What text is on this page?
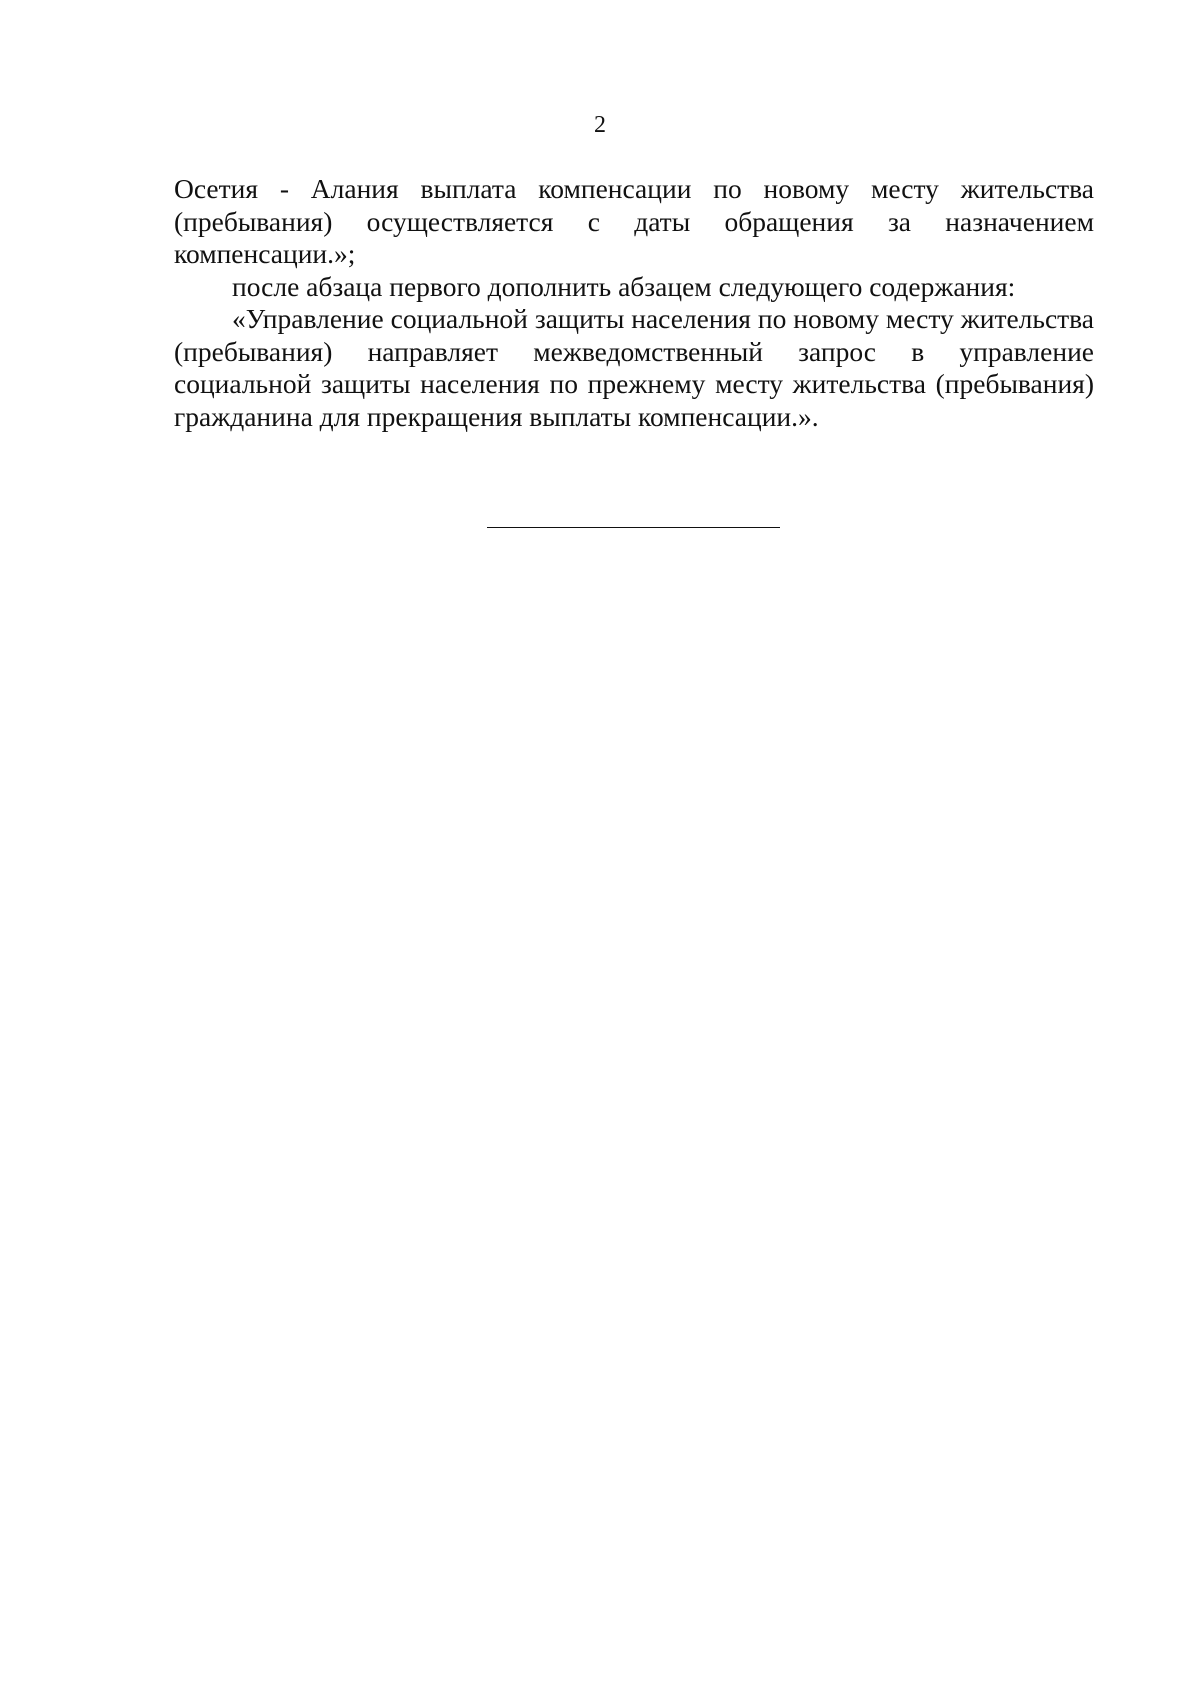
2

Осетия - Алания выплата компенсации по новому месту жительства (пребывания) осуществляется с даты обращения за назначением компенсации.»;

после абзаца первого дополнить абзацем следующего содержания:

«Управление социальной защиты населения по новому месту жительства (пребывания) направляет межведомственный запрос в управление социальной защиты населения по прежнему месту жительства (пребывания) гражданина для прекращения выплаты компенсации.».
